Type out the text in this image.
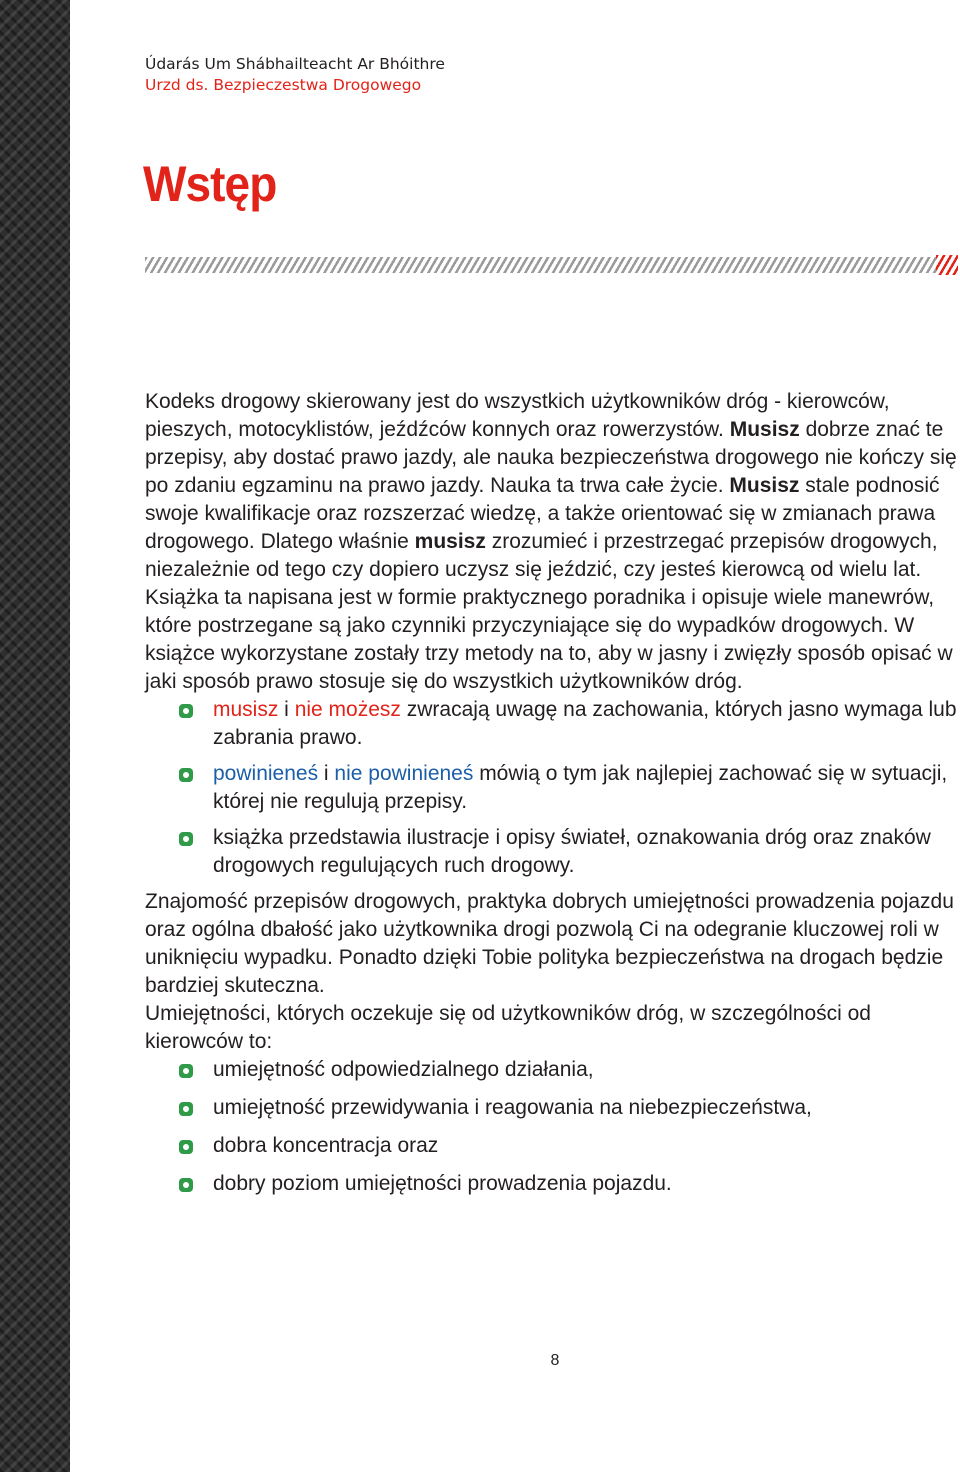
Údarás Um Shábhailteacht Ar Bhóithre
Urzd ds. Bezpieczestwa Drogowego
Wstęp

Kodeks drogowy skierowany jest do wszystkich użytkowników dróg - kierowców, pieszych, motocyklistów, jeźdźców konnych oraz rowerzystów. Musisz dobrze znać te przepisy, aby dostać prawo jazdy, ale nauka bezpieczeństwa drogowego nie kończy się po zdaniu egzaminu na prawo jazdy. Nauka ta trwa całe życie. Musisz stale podnosić swoje kwalifikacje oraz rozszerzać wiedzę, a także orientować się w zmianach prawa drogowego. Dlatego właśnie musisz zrozumieć i przestrzegać przepisów drogowych, niezależnie od tego czy dopiero uczysz się jeździć, czy jesteś kierowcą od wielu lat.

Książka ta napisana jest w formie praktycznego poradnika i opisuje wiele manewrów, które postrzegane są jako czynniki przyczyniające się do wypadków drogowych. W książce wykorzystane zostały trzy metody na to, aby w jasny i zwięzły sposób opisać w jaki sposób prawo stosuje się do wszystkich użytkowników dróg.

musisz i nie możesz zwracają uwagę na zachowania, których jasno wymaga lub zabrania prawo.
powinieneś i nie powinieneś mówią o tym jak najlepiej zachować się w sytuacji, której nie regulują przepisy.
książka przedstawia ilustracje i opisy świateł, oznakowania dróg oraz znaków drogowych regulujących ruch drogowy.

Znajomość przepisów drogowych, praktyka dobrych umiejętności prowadzenia pojazdu oraz ogólna dbałość jako użytkownika drogi pozwolą Ci na odegranie kluczowej roli w uniknięciu wypadku. Ponadto dzięki Tobie polityka bezpieczeństwa na drogach będzie bardziej skuteczna.

Umiejętności, których oczekuje się od użytkowników dróg, w szczególności od kierowców to:

umiejętność odpowiedzialnego działania,
umiejętność przewidywania i reagowania na niebezpieczeństwa,
dobra koncentracja oraz
dobry poziom umiejętności prowadzenia pojazdu.
8
